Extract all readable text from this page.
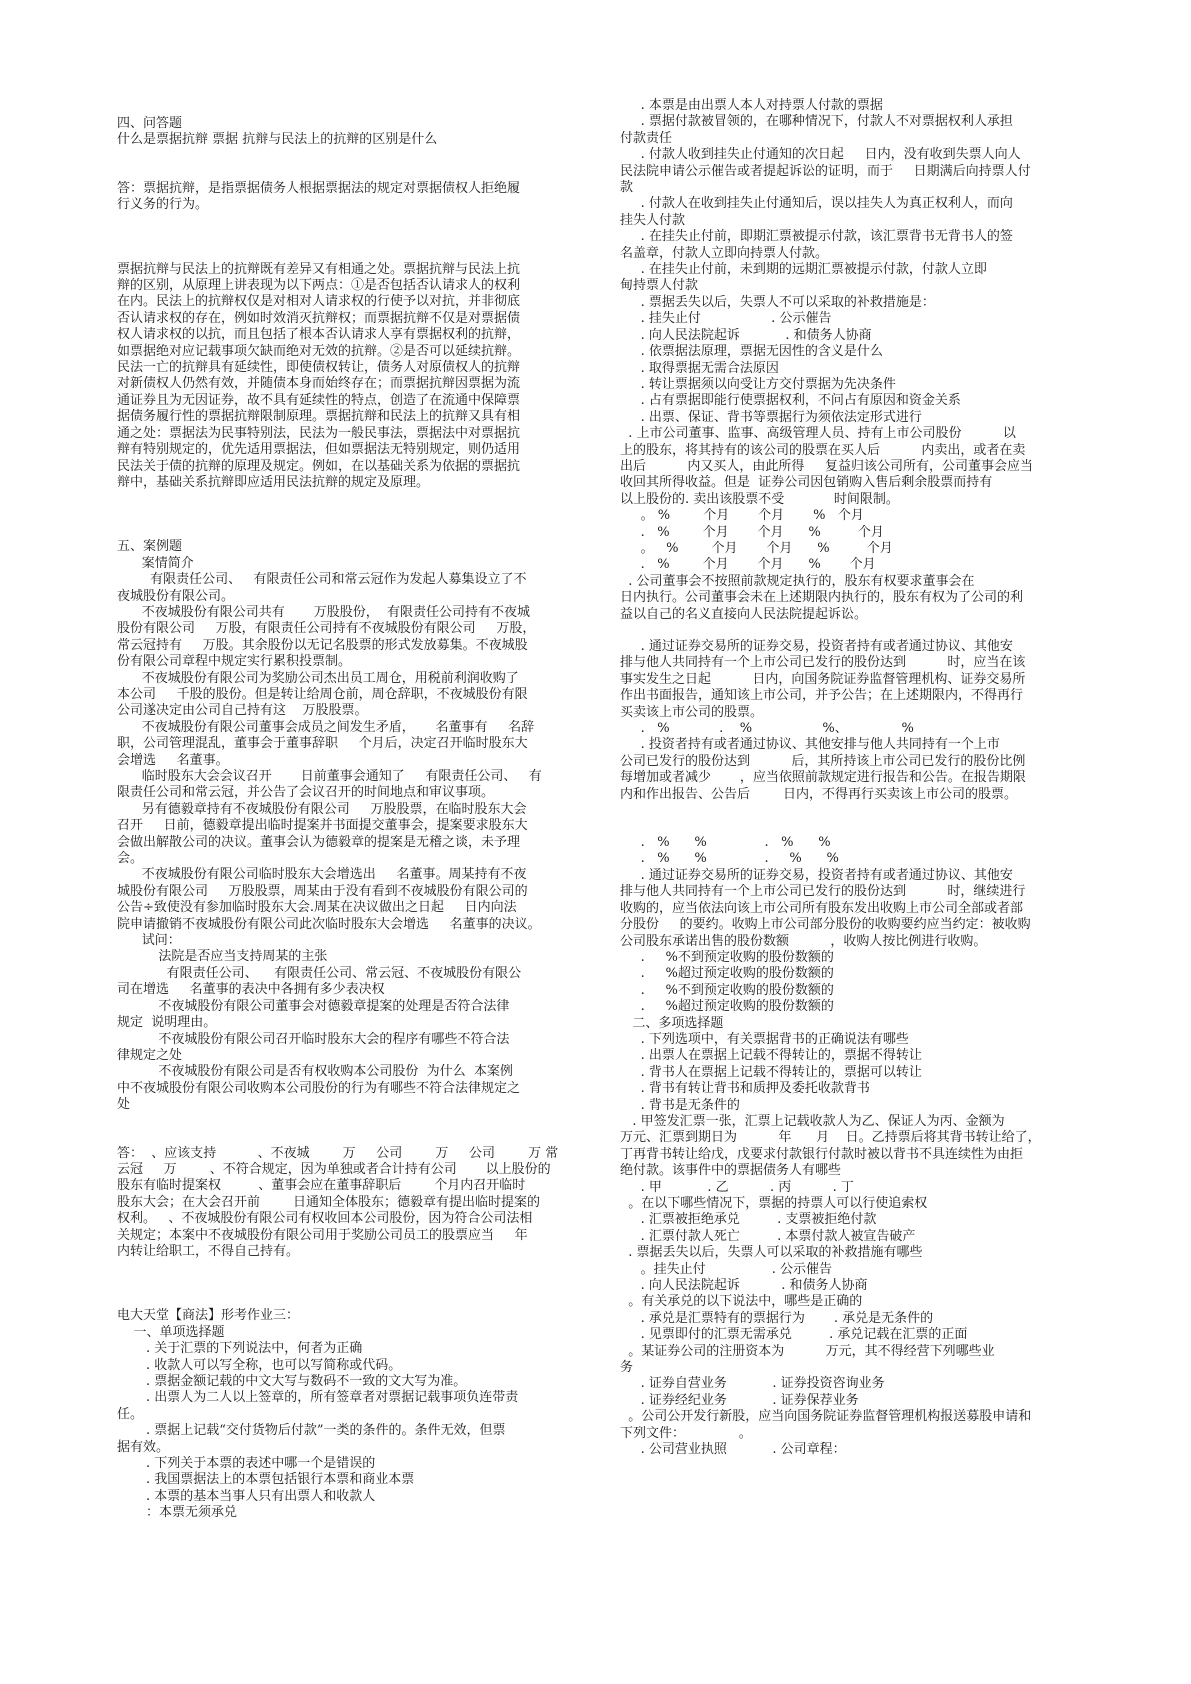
四、问答题

什么是票据抗辩 票据 抗辩与民法上的抗辩的区别是什么

答：票据抗辩，是指票据债务人根据票据法的规定对票据债权人拒绝履

行义务的行为。

票据抗辩与民法上的抗辩既有差异又有相通之处。票据抗辩与民法上抗

辩的区别，从原理上讲表现为以下两点：①是否包括否认请求人的权利

在内。民法上的抗辩权仅是对相对人请求权的行使予以对抗，并非彻底

否认请求权的存在，例如时效消灭抗辩权；而票据抗辩不仅是对票据债

权人请求权的以抗，而且包括了根本否认请求人享有票据权利的抗辩，

如票据绝对应记载事项欠缺而绝对无效的抗辩。②是否可以延续抗辩。

民法一亡的抗辩具有延续性，即使债权转让，债务人对原债权人的抗辩

对新债权人仍然有效，并随债本身而始终存在；而票据抗辩因票据为流

通证券且为无因证券，故不具有延续性的特点，创造了在流通中保障票

据债务履行性的票据抗辩限制原理。票据抗辩和民法上的抗辩又具有相

通之处：票据法为民事特别法，民法为一般民事法，票据法中对票据抗

辩有特别规定的，优先适用票据法，但如票据法无特别规定，则仍适用

民法关于债的抗辩的原理及规定。例如，在以基础关系为依据的票据抗

辩中，基础关系抗辩即应适用民法抗辩的规定及原理。

五、案例题

案情简介

有限责任公司、   有限责任公司和常云冠作为发起人募集设立了不

夜城股份有限公司。

不夜城股份有限公司共有       万股股份，  有限责任公司持有不夜城

股份有限公司     万股，有限责任公司持有不夜城股份有限公司     万股，

常云冠持有     万股。其余股份以无记名股票的形式发放募集。不夜城股

份有限公司章程中规定实行累积投票制。

不夜城股份有限公司为奖励公司杰出员工周仓，用税前利润收购了

本公司     千股的股份。但是转让给周仓前，周仓辞职，不夜城股份有限

公司遂决定由公司自己持有这    万股股票。

不夜城股份有限公司董事会成员之间发生矛盾，     名董事有     名辞

职，公司管理混乱，董事会于董事辞职     个月后，决定召开临时股东大

会增选     名董事。

临时股东大会会议召开       日前董事会通知了     有限责任公司、   有

限责任公司和常云冠，并公告了会议召开的时间地点和审议事项。

另有德毅章持有不夜城股份有限公司     万股股票，在临时股东大会

召开     日前，德毅章提出临时提案并书面提交董事会，提案要求股东大

会做出解散公司的决议。董事会认为德毅章的提案是无稽之谈，未予理

会。

不夜城股份有限公司临时股东大会增选出     名董事。周某持有不夜

城股份有限公司     万股股票，周某由于没有看到不夜城股份有限公司的

公告÷致使没有参加临时股东大会.周某在决议做出之日起     日内向法

院申请撤销不夜城股份有限公司此次临时股东大会增选     名董事的决议。

试问：

法院是否应当支持周某的主张

有限责任公司、    有限责任公司、常云冠、不夜城股份有限公

司在增选     名董事的表决中各拥有多少表决权

不夜城股份有限公司董事会对德毅章提案的处理是否符合法律

规定  说明理由。

不夜城股份有限公司召开临时股东大会的程序有哪些不符合法

律规定之处

不夜城股份有限公司是否有权收购本公司股份  为什么  本案例

中不夜城股份有限公司收购本公司股份的行为有哪些不符合法律规定之

处

答：  、应该支持          、不夜城        万     公司        万     公司        万 常

云冠     万        、不符合规定，因为单独或者合计持有公司       以上股份的

股东有临时提案权         、董事会应在董事辞职后        个月内召开临时

股东大会；在大会召开前        日通知全体股东；德毅章有提出临时提案的

权利。   、不夜城股份有限公司有权收回本公司股份，因为符合公司法相

关规定；本案中不夜城股份有限公司用于奖励公司员工的股票应当     年

内转让给职工，不得自己持有。

电大天堂【商法】形考作业三：

一、单项选择题

. 关于汇票的下列说法中，何者为正确

. 收款人可以写全称，也可以写简称或代码。

. 票据金额记载的中文大写与数码不一致的文大写为准。

. 出票人为二人以上签章的，所有签章者对票据记载事项负连带责

任。

. 票据上记载“交付货物后付款”一类的条件的。条件无效，但票

据有效。

. 下列关于本票的表述中哪一个是错误的

. 我国票据法上的本票包括银行本票和商业本票

. 本票的基本当事人只有出票人和收款人

：本票无须承兑

. 本票是由出票人本人对持票人付款的票据

. 票据付款被冒领的，在哪种情况下，付款人不对票据权利人承担

付款责任

. 付款人收到挂失止付通知的次日起     日内，没有收到失票人向人

民法院申请公示催告或者提起诉讼的证明，而于     日期满后向持票人付

款

. 付款人在收到挂失止付通知后，误以挂失人为真正权利人，而向

挂失人付款

. 在挂失止付前，即期汇票被提示付款，该汇票背书无背书人的签

名盖章，付款人立即向持票人付款。

. 在挂失止付前，未到期的远期汇票被提示付款，付款人立即

甸持票人付款

. 票据丢失以后，失票人不可以采取的补救措施是：

. 挂失止付                 . 公示催告

. 向人民法院起诉           . 和债务人协商

. 依票据法原理，票据无因性的含义是什么

. 取得票据无需合法原因

. 转让票据须以向受让方交付票据为先决条件

. 占有票据即能行使票据权利，不问占有原因和资金关系

. 出票、保证、背书等票据行为须依法定形式进行

. 上市公司董事、监事、高级管理人员、持有上市公司股份          以

上的股东，将其持有的该公司的股票在买人后          内卖出，或者在卖

出后          内又买人，由此所得     复益归该公司所有，公司董事会应当

收回其所得收益。但是  证券公司因包销购入售后剩余股票而持有

以上股份的. 卖出该股票不受            时间限制。

。 %        个月       个月       %   个月

.   %        个月       个月      %         个月

。   %        个月       个月      %         个月

.   %        个月       个月      %       个月

. 公司董事会不按照前款规定执行的，股东有权要求董事会在

日内执行。公司董事会未在上述期限内执行的，股东有权为了公司的利

益以自己的名义直接向人民法院提起诉讼。

. 通过证券交易所的证券交易，投资者持有或者通过协议、其他安

排与他人共同持有一个上市公司已发行的股份达到          时，应当在该

事实发生之日起          日内，向国务院证券监督管理机构、证券交易所

作出书面报告，通知该上市公司，并予公告；在上述期限内，不得再行

买卖该上市公司的股票。

.   %            .    %                 %、             %

. 投资者持有或者通过协议、其他安排与他人共同持有一个上市

公司已发行的股份达到          后，其所持该上市公司已发行的股份比例

每增加或者减少       ，应当依照前款规定进行报告和公告。在报告期限

内和作出报告、公告后        日内，不得再行买卖该上市公司的股票。

.   %      %              .   %      %

.   %      %              .     %      %

. 通过证券交易所的证券交易，投资者持有或者通过协议、其他安

排与他人共同持有一个上市公司已发行的股份达到          时，继续进行

收购的，应当依法向该上市公司所有股东发出收购上市公司全部或者部

分股份     的要约。收购上市公司部分股份的收购要约应当约定：被收购

公司股东承诺出售的股份数额          ，收购人按比例进行收购。

.     %不到预定收购的股份数额的

.     %超过预定收购的股份数额的

.     %不到预定收购的股份数额的

.     %超过预定收购的股份数额的

二、多项选择题

. 下列选项中，有关票据背书的正确说法有哪些

. 出票人在票据上记载不得转让的，票据不得转让

. 背书人在票据上记载不得转让的，票据可以转让

. 背书有转让背书和质押及委托收款背书

. 背书是无条件的

. 甲签发汇票一张，汇票上记载收款人为乙、保证人为丙、金额为

万元、汇票到期日为          年      月    日。乙持票后将其背书转让给了，

丁再背书转让给戊，戊要求付款银行付款时被以背书不具连续性为由拒

绝付款。该事件中的票据债务人有哪些

. 甲           . 乙          . 丙          . 丁

。在以下哪些情况下，票据的持票人可以行使追索权

. 汇票被拒绝承兑         . 支票被拒绝付款

. 汇票付款人死亡         . 本票付款人被宣告破产

. 票据丢失以后，失票人可以采取的补救措施有哪些

。挂失止付                . 公示催告

. 向人民法院起诉          . 和债务人协商

。有关承兑的以下说法中，哪些是正确的

. 承兑是汇票特有的票据行为       . 承兑是无条件的

. 见票即付的汇票无需承兑         . 承兑记载在汇票的正面

。某证券公司的注册资本为          万元，其不得经营下列哪些业

务

. 证券自营业务           . 证券投资咨询业务

. 证券经纪业务           . 证券保荐业务

。公司公开发行新股，应当向国务院证券监督管理机构报送募股申请和

下列文件：             。

. 公司营业执照           . 公司章程：
